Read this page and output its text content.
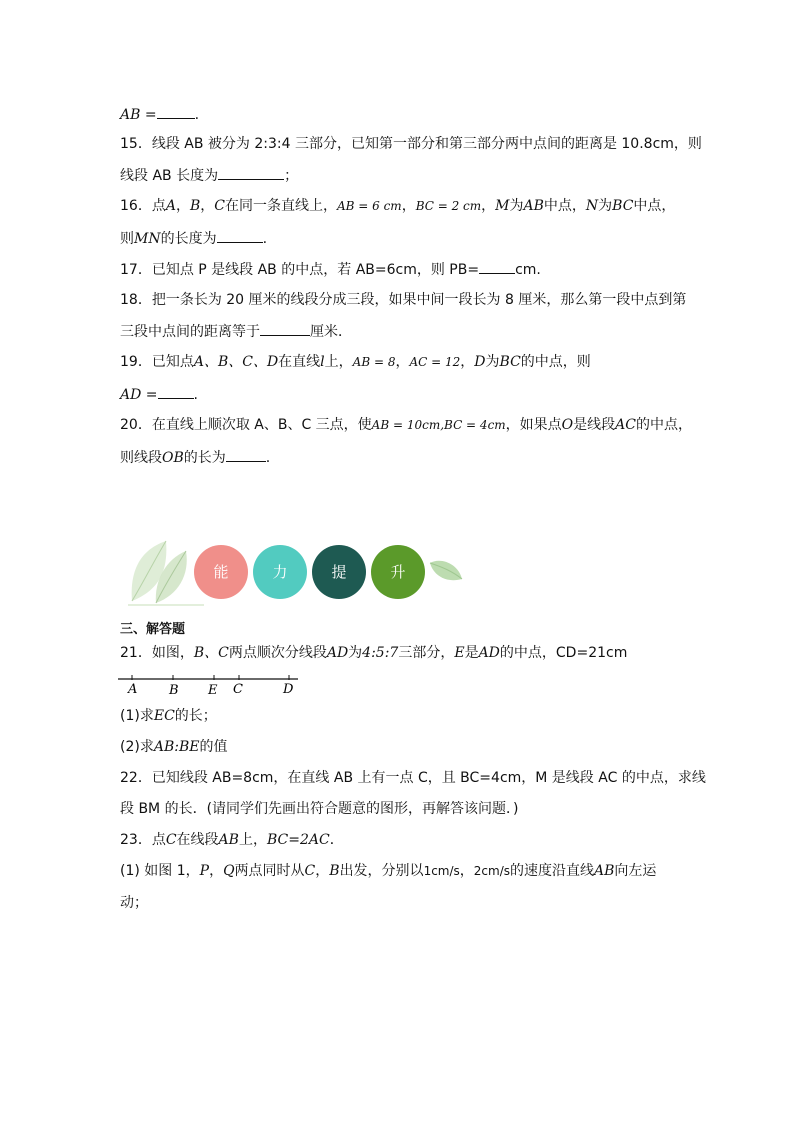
AB =	.
15．线段 AB 被分为 2:3:4 三部分，已知第一部分和第三部分两中点间的距离是 10.8cm，则
线段 AB 长度为	；
16．点A，B，C在同一条直线上，AB = 6 cm，BC = 2 cm，M为AB中点，N为BC中点，
则MN的长度为	.
17．已知点 P 是线段 AB 的中点，若 AB=6cm，则 PB=	cm.
18．把一条长为 20 厘米的线段分成三段，如果中间一段长为 8 厘米，那么第一段中点到第
三段中点间的距离等于	厘米．
19．已知点A、B、C、D在直线l上，AB = 8，AC = 12，D为BC的中点，则
AD =	.
20．在直线上顺次取 A、B、C 三点，使AB = 10cm,BC = 4cm，如果点O是线段AC的中点，
则线段OB的长为	.
能	力	提	升
三、解答题
21．如图，B、C两点顺次分线段AD为4:5:7三部分，E是AD的中点，CD=21cm
A B E C	D
(1)求EC的长；
(2)求AB:BE的值
22．已知线段 AB=8cm，在直线 AB 上有一点 C，且 BC=4cm，M 是线段 AC 的中点，求线
段 BM 的长．(请同学们先画出符合题意的图形，再解答该问题．)
23．点C在线段AB上，BC=2AC．
(1) 如图 1，P，Q两点同时从C，B出发，分别以1cm/s，2cm/s的速度沿直线AB向左运
动；
